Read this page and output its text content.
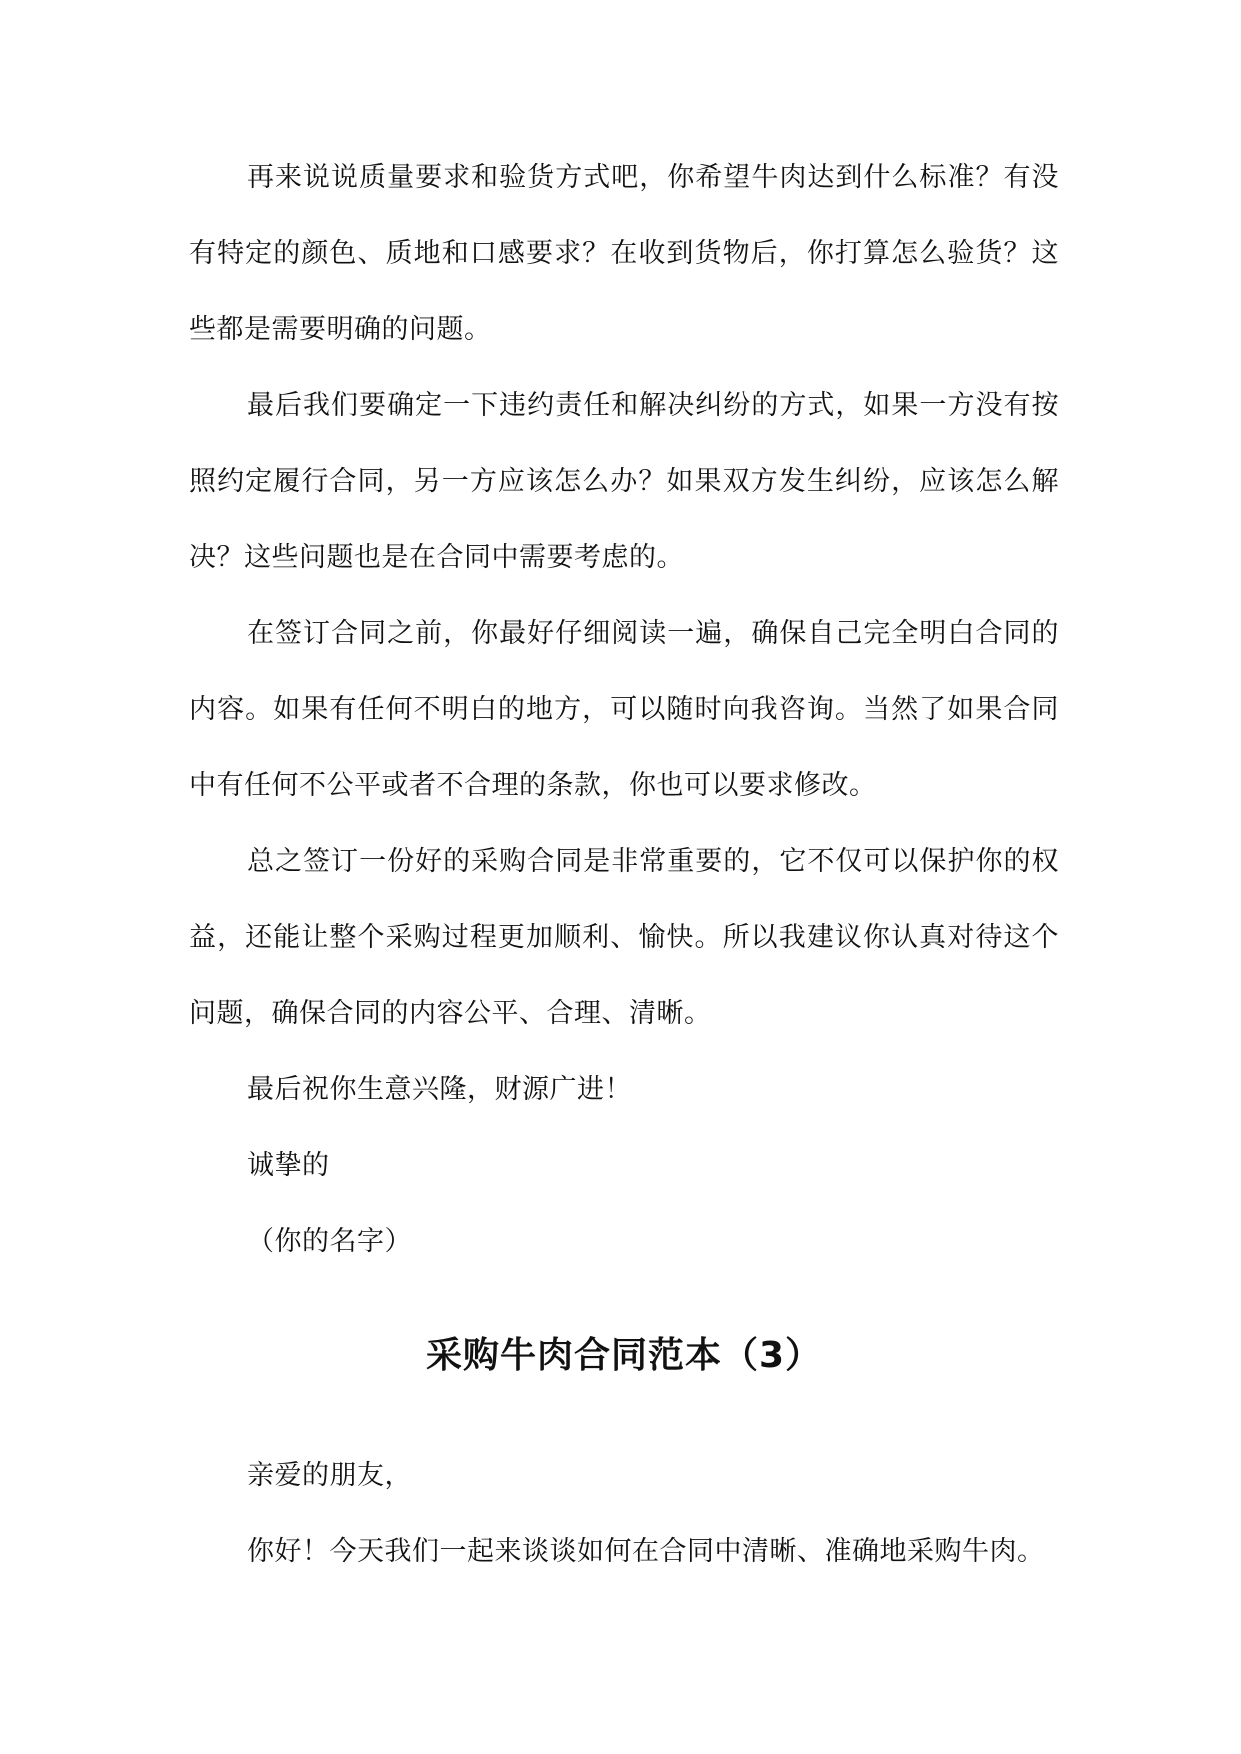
再来说说质量要求和验货方式吧，你希望牛肉达到什么标准？有没有特定的颜色、质地和口感要求？在收到货物后，你打算怎么验货？这些都是需要明确的问题。

最后我们要确定一下违约责任和解决纠纷的方式，如果一方没有按照约定履行合同，另一方应该怎么办？如果双方发生纠纷，应该怎么解决？这些问题也是在合同中需要考虑的。

在签订合同之前，你最好仔细阅读一遍，确保自己完全明白合同的内容。如果有任何不明白的地方，可以随时向我咨询。当然了如果合同中有任何不公平或者不合理的条款，你也可以要求修改。

总之签订一份好的采购合同是非常重要的，它不仅可以保护你的权益，还能让整个采购过程更加顺利、愉快。所以我建议你认真对待这个问题，确保合同的内容公平、合理、清晰。

最后祝你生意兴隆，财源广进！

诚挚的

（你的名字）

采购牛肉合同范本（3）

亲爱的朋友，

你好！今天我们一起来谈谈如何在合同中清晰、准确地采购牛肉。
